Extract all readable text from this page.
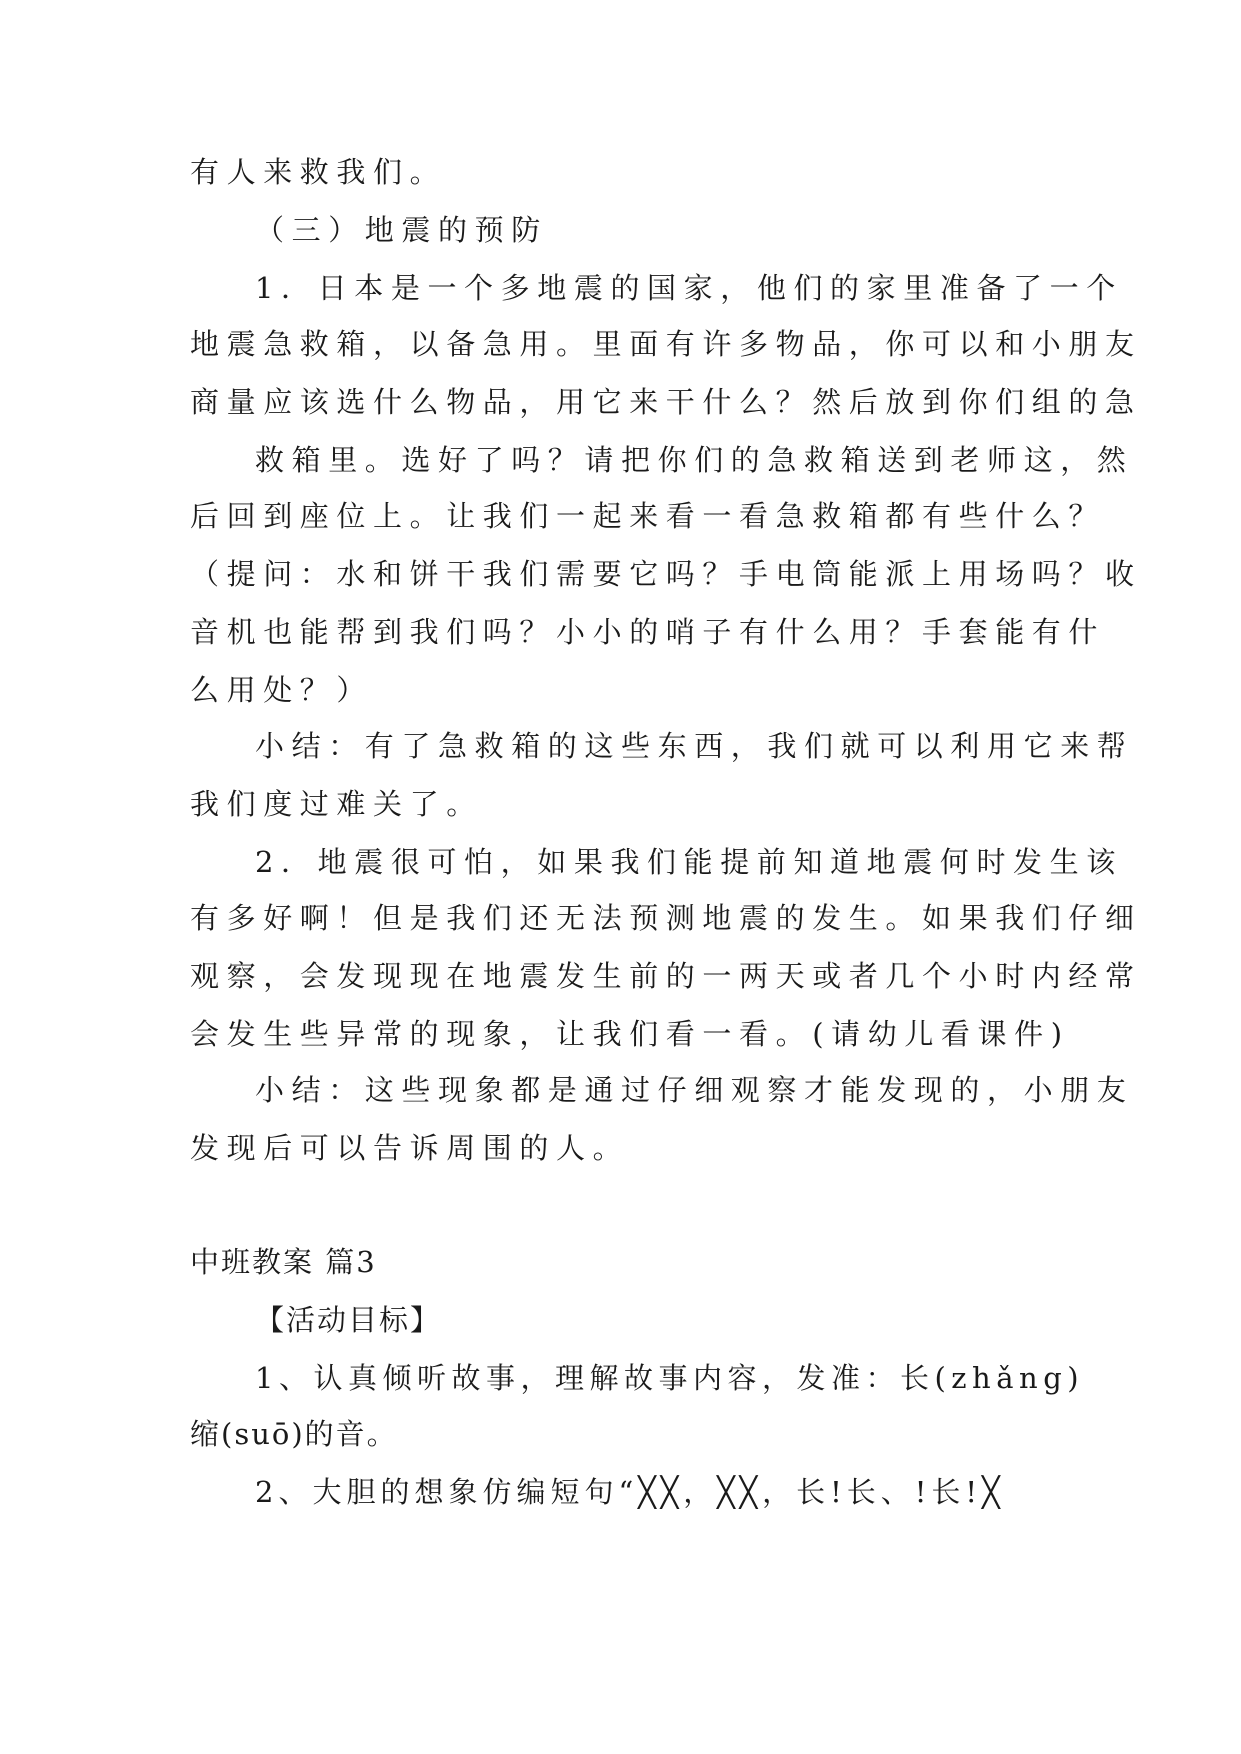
有人来救我们。
（三）地震的预防
1．日本是一个多地震的国家，他们的家里准备了一个
地震急救箱，以备急用。里面有许多物品，你可以和小朋友
商量应该选什么物品，用它来干什么？然后放到你们组的急
救箱里。选好了吗？请把你们的急救箱送到老师这，然
后回到座位上。让我们一起来看一看急救箱都有些什么？
（提问：水和饼干我们需要它吗？手电筒能派上用场吗？收
音机也能帮到我们吗？小小的哨子有什么用？手套能有什
么用处？）
小结：有了急救箱的这些东西，我们就可以利用它来帮
我们度过难关了。
2．地震很可怕，如果我们能提前知道地震何时发生该
有多好啊！但是我们还无法预测地震的发生。如果我们仔细
观察，会发现现在地震发生前的一两天或者几个小时内经常
会发生些异常的现象，让我们看一看。(请幼儿看课件)
小结：这些现象都是通过仔细观察才能发现的，小朋友
发现后可以告诉周围的人。
中班教案 篇3
【活动目标】
1、认真倾听故事，理解故事内容，发准：长(zhǎng)
缩(suō)的音。
2、大胆的想象仿编短句“╳╳，╳╳，长!长、!长!╳
